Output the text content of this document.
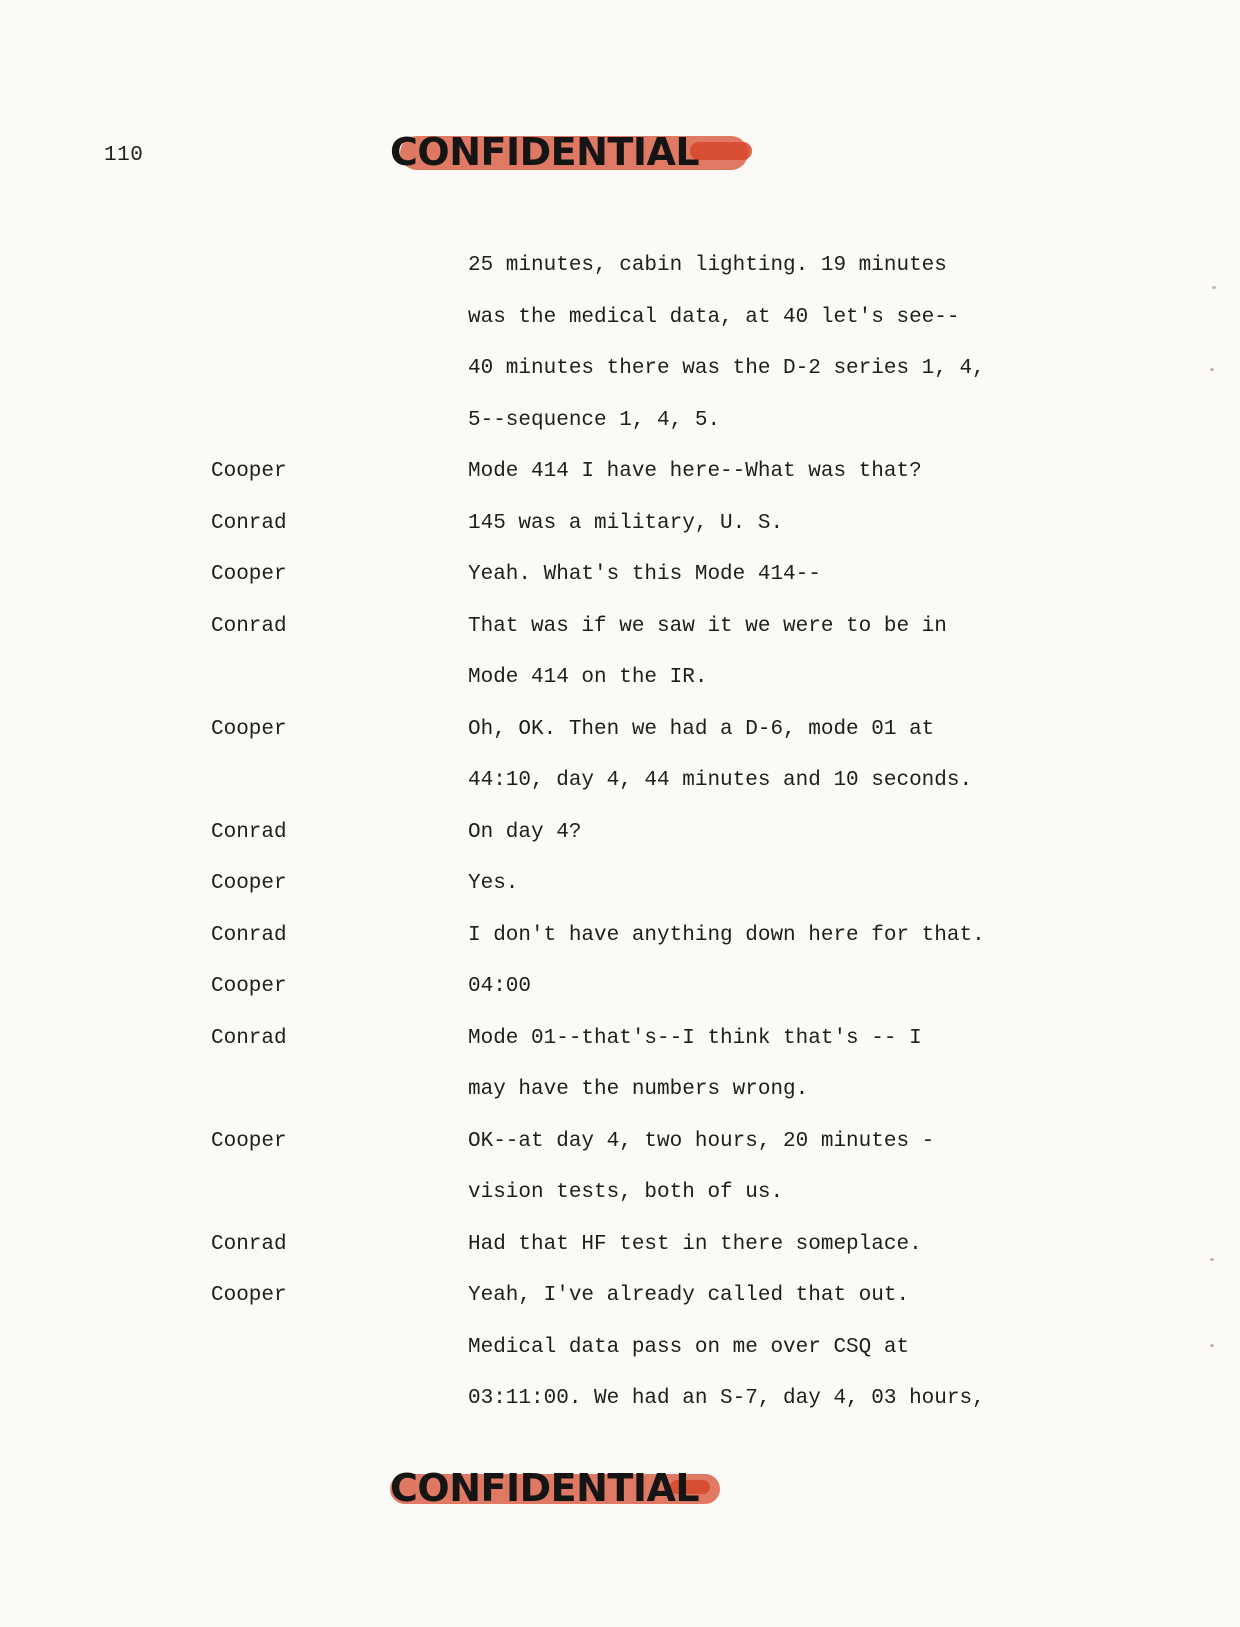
110	CONFIDENTIAL
25 minutes, cabin lighting. 19 minutes
was the medical data, at 40 let's see--
40 minutes there was the D-2 series 1, 4,
5--sequence 1, 4, 5.
Cooper	Mode 414 I have here--What was that?
Conrad	145 was a military, U. S.
Cooper	Yeah. What's this Mode 414--
Conrad	That was if we saw it we were to be in
Mode 414 on the IR.
Cooper	Oh, OK. Then we had a D-6, mode 01 at
44:10, day 4, 44 minutes and 10 seconds.
Conrad	On day 4?
Cooper	Yes.
Conrad	I don't have anything down here for that.
Cooper	04:00
Conrad	Mode 01--that's--I think that's -- I
may have the numbers wrong.
Cooper	OK--at day 4, two hours, 20 minutes -
vision tests, both of us.
Conrad	Had that HF test in there someplace.
Cooper	Yeah, I've already called that out.
Medical data pass on me over CSQ at
03:11:00. We had an S-7, day 4, 03 hours,
CONFIDENTIAL
